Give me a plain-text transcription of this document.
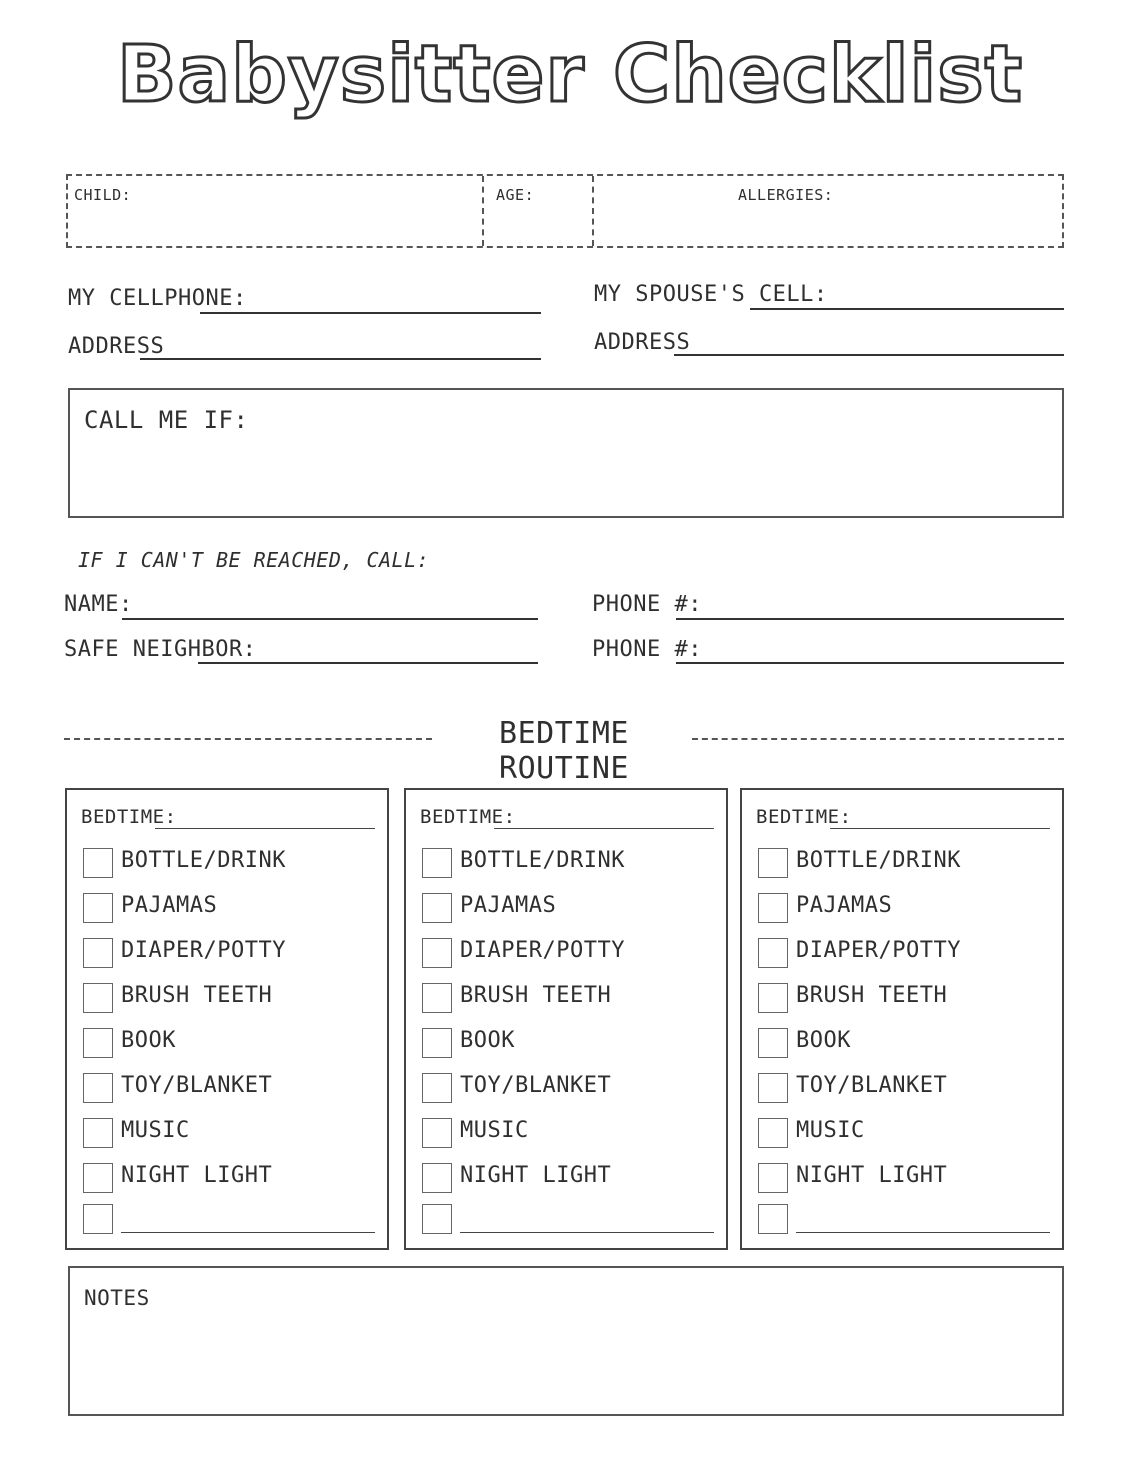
Babysitter Checklist
CHILD:	AGE:	ALLERGIES:
MY CELLPHONE:
ADDRESS
MY SPOUSE'S CELL:
ADDRESS
CALL ME IF:
IF I CAN'T BE REACHED, CALL:
NAME:
SAFE NEIGHBOR:
PHONE #:
PHONE #:
BEDTIME ROUTINE
BEDTIME:
BOTTLE/DRINK
PAJAMAS
DIAPER/POTTY
BRUSH TEETH
BOOK
TOY/BLANKET
MUSIC
NIGHT LIGHT
BEDTIME:
BOTTLE/DRINK
PAJAMAS
DIAPER/POTTY
BRUSH TEETH
BOOK
TOY/BLANKET
MUSIC
NIGHT LIGHT
BEDTIME:
BOTTLE/DRINK
PAJAMAS
DIAPER/POTTY
BRUSH TEETH
BOOK
TOY/BLANKET
MUSIC
NIGHT LIGHT
NOTES
